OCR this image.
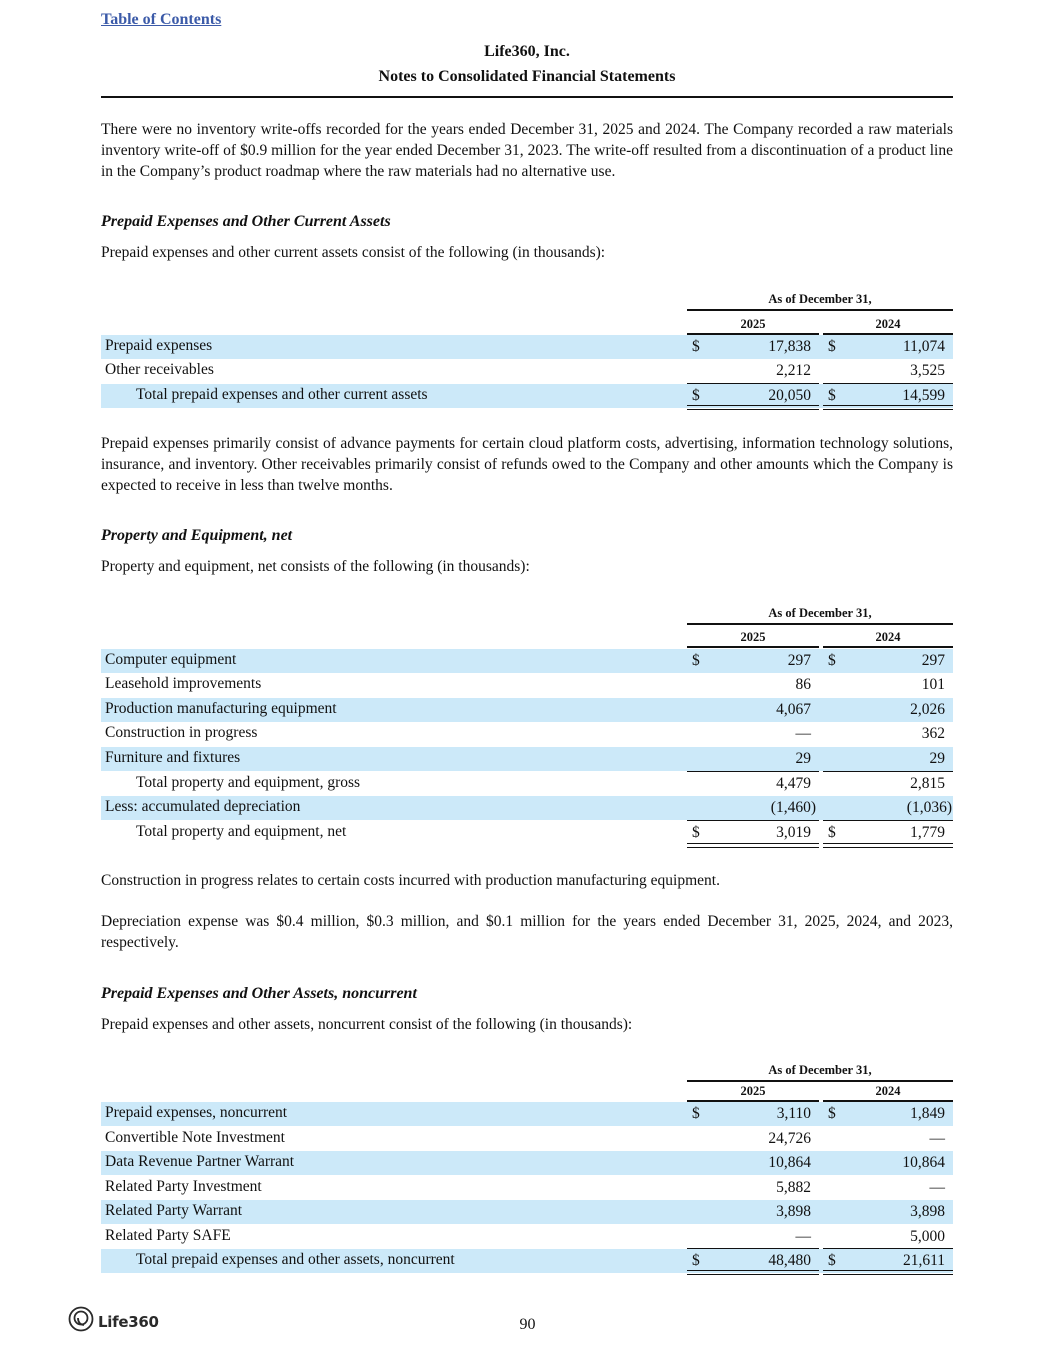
Table of Contents
Life360, Inc.
Notes to Consolidated Financial Statements
There were no inventory write-offs recorded for the years ended December 31, 2025 and 2024. The Company recorded a raw materials inventory write-off of $0.9 million for the year ended December 31, 2023. The write-off resulted from a discontinuation of a product line in the Company’s product roadmap where the raw materials had no alternative use.
Prepaid Expenses and Other Current Assets
Prepaid expenses and other current assets consist of the following (in thousands):
As of December 31,
2025	2024
Prepaid expenses	$	17,838 $	11,074
Other receivables	2,212	3,525
Total prepaid expenses and other current assets	$	20,050 $	14,599
Prepaid expenses primarily consist of advance payments for certain cloud platform costs, advertising, information technology solutions, insurance, and inventory. Other receivables primarily consist of refunds owed to the Company and other amounts which the Company is expected to receive in less than twelve months.
Property and Equipment, net
Property and equipment, net consists of the following (in thousands):
As of December 31,
2025	2024
Computer equipment	$	297 $	297
Leasehold improvements	86	101
Production manufacturing equipment	4,067	2,026
Construction in progress	—	362
Furniture and fixtures	29	29
Total property and equipment, gross	4,479	2,815
Less: accumulated depreciation	(1,460)	(1,036)
Total property and equipment, net	$	3,019 $	1,779
Construction in progress relates to certain costs incurred with production manufacturing equipment.
Depreciation expense was $0.4 million, $0.3 million, and $0.1 million for the years ended December 31, 2025, 2024, and 2023, respectively.
Prepaid Expenses and Other Assets, noncurrent
Prepaid expenses and other assets, noncurrent consist of the following (in thousands):
As of December 31,
2025	2024
Prepaid expenses, noncurrent	$	3,110 $	1,849
Convertible Note Investment	24,726	—
Data Revenue Partner Warrant	10,864	10,864
Related Party Investment	5,882	—
Related Party Warrant	3,898	3,898
Related Party SAFE	—	5,000
Total prepaid expenses and other assets, noncurrent	$	48,480 $	21,611
Life360	90
